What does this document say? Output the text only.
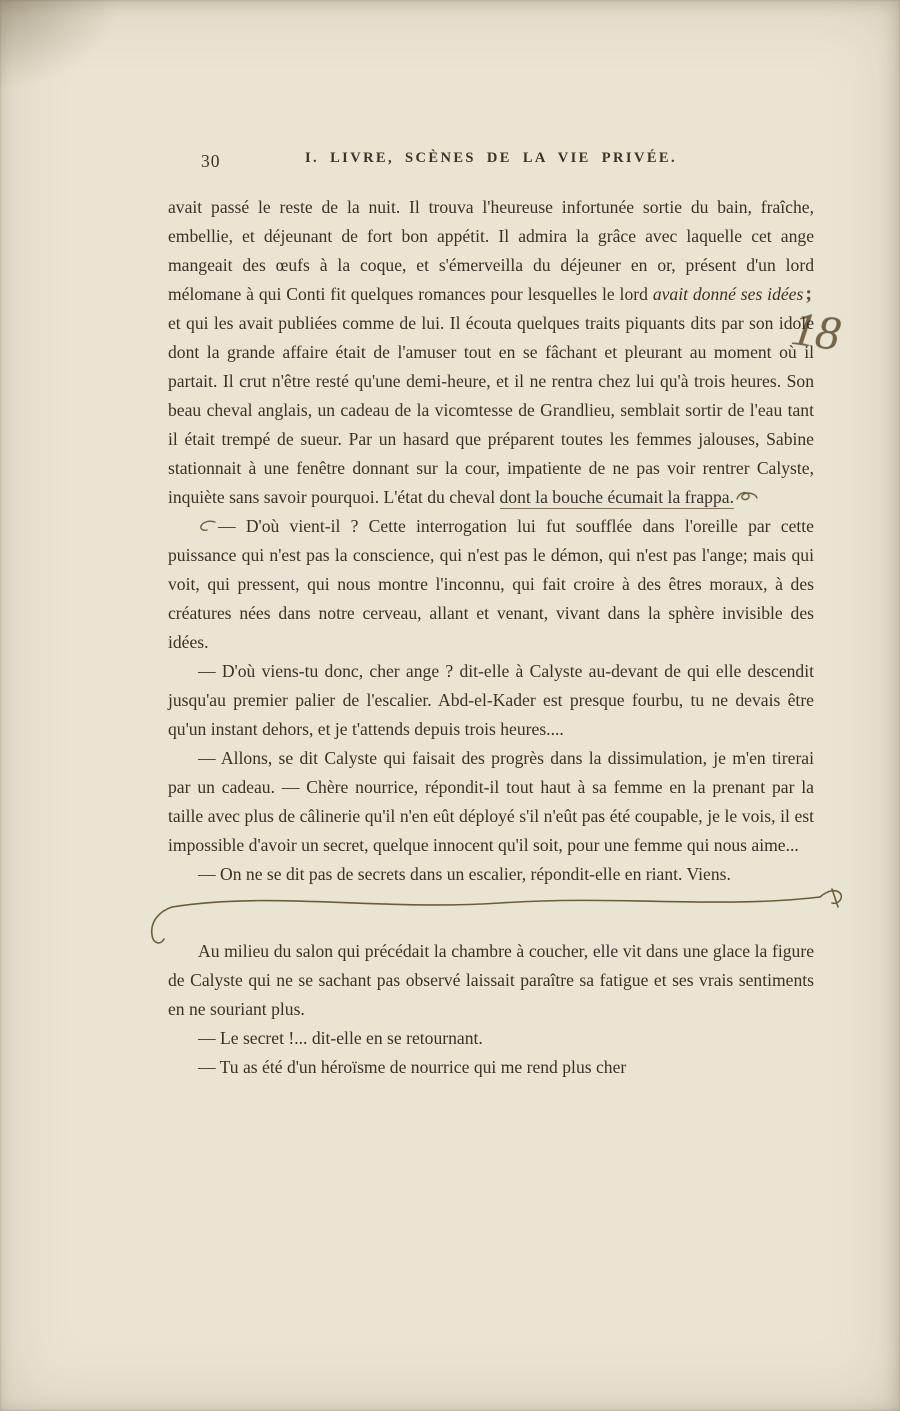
30	I. LIVRE, SCÈNES DE LA VIE PRIVÉE.
18

avait passé le reste de la nuit. Il trouva l'heureuse infortunée sortie du bain, fraîche, embellie, et déjeunant de fort bon appétit. Il admira la grâce avec laquelle cet ange mangeait des œufs à la coque, et s'émerveilla du déjeuner en or, présent d'un lord mélomane à qui Conti fit quelques romances pour lesquelles le lord avait donné ses idées ; et qui les avait publiées comme de lui. Il écouta quelques traits piquants dits par son idole dont la grande affaire était de l'amuser tout en se fâchant et pleurant au moment où il partait. Il crut n'être resté qu'une demi-heure, et il ne rentra chez lui qu'à trois heures. Son beau cheval anglais, un cadeau de la vicomtesse de Grandlieu, semblait sortir de l'eau tant il était trempé de sueur. Par un hasard que préparent toutes les femmes jalouses, Sabine stationnait à une fenêtre donnant sur la cour, impatiente de ne pas voir rentrer Calyste, inquiète sans savoir pourquoi. L'état du cheval dont la bouche écumait la frappa.

— D'où vient-il ? Cette interrogation lui fut soufflée dans l'oreille par cette puissance qui n'est pas la conscience, qui n'est pas le démon, qui n'est pas l'ange; mais qui voit, qui pressent, qui nous montre l'inconnu, qui fait croire à des êtres moraux, à des créatures nées dans notre cerveau, allant et venant, vivant dans la sphère invisible des idées.

— D'où viens-tu donc, cher ange ? dit-elle à Calyste au-devant de qui elle descendit jusqu'au premier palier de l'escalier. Abd-el-Kader est presque fourbu, tu ne devais être qu'un instant dehors, et je t'attends depuis trois heures....

— Allons, se dit Calyste qui faisait des progrès dans la dissimulation, je m'en tirerai par un cadeau. — Chère nourrice, répondit-il tout haut à sa femme en la prenant par la taille avec plus de câlinerie qu'il n'en eût déployé s'il n'eût pas été coupable, je le vois, il est impossible d'avoir un secret, quelque innocent qu'il soit, pour une femme qui nous aime...

— On ne se dit pas de secrets dans un escalier, répondit-elle en riant. Viens.

Au milieu du salon qui précédait la chambre à coucher, elle vit dans une glace la figure de Calyste qui ne se sachant pas observé laissait paraître sa fatigue et ses vrais sentiments en ne souriant plus.

— Le secret !... dit-elle en se retournant.

— Tu as été d'un héroïsme de nourrice qui me rend plus cher
